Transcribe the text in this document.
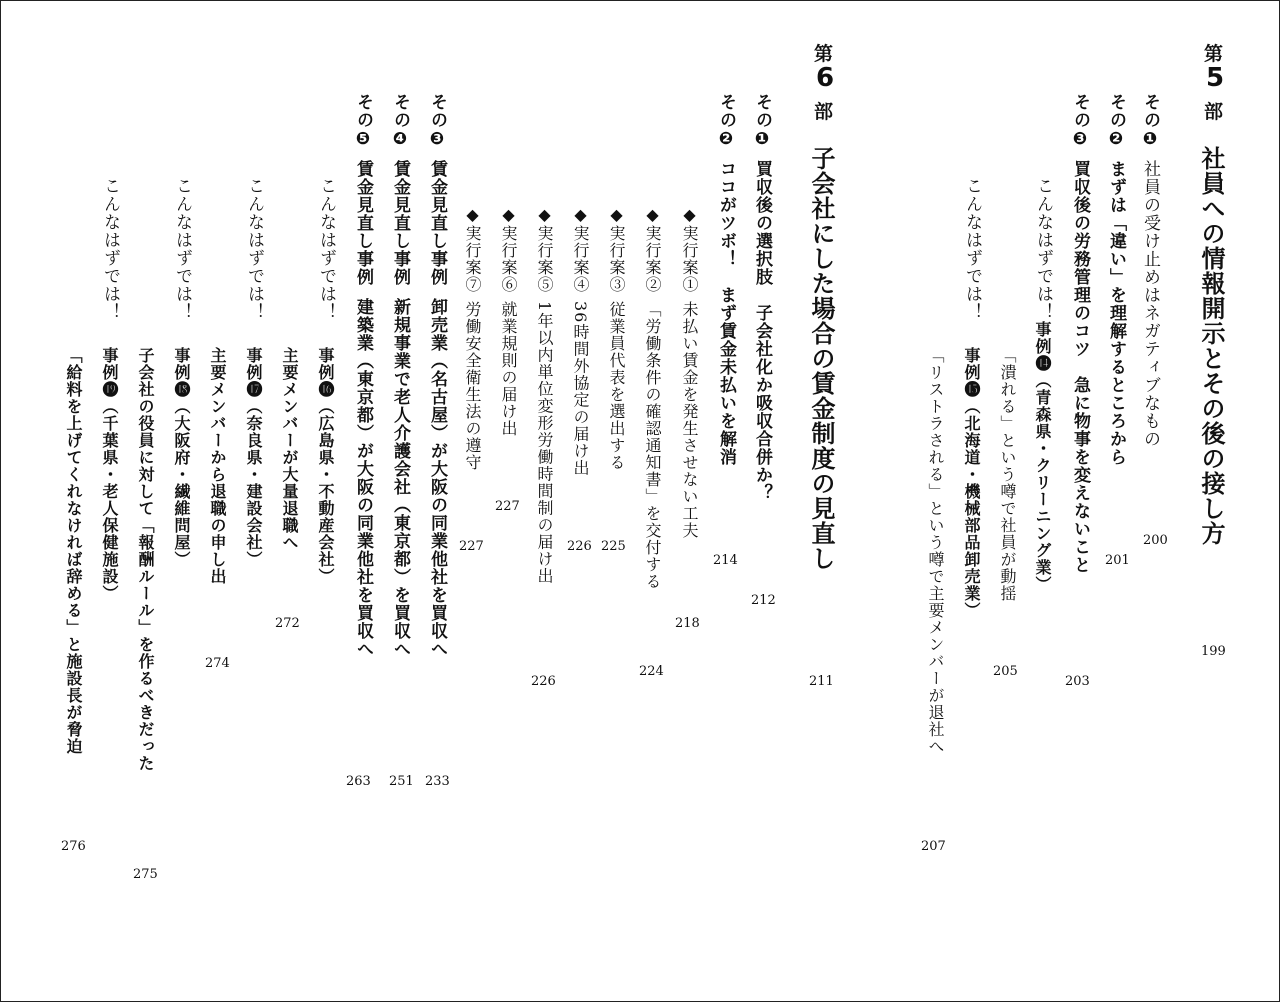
第
5
部
社員への情報開示とその後の接し方
199
その❶社員の受け止めはネガティブなもの
200
その❷まずは「違い」を理解するところから
201
その❸買収後の労務管理のコツ　急に物事を変えないこと
203
こんなはずでは！
事例⓮（青森県・クリーニング業）
「潰れる」という噂で社員が動揺
205
こんなはずでは！
事例⓯（北海道・機械部品卸売業）
「リストラされる」という噂で主要メンバーが退社へ
207
第
6
部
子会社にした場合の賃金制度の見直し
211
その❶買収後の選択肢　子会社化か吸収合併か？
212
その❷ココがツボ！　まず賃金未払いを解消
214
◆実行案①未払い賃金を発生させない工夫
218
◆実行案②「労働条件の確認通知書」を交付する
224
◆実行案③従業員代表を選出する
225
◆実行案④36時間外協定の届け出
226
◆実行案⑤1年以内単位変形労働時間制の届け出
226
◆実行案⑥就業規則の届け出
227
◆実行案⑦労働安全衛生法の遵守
227
その❸賃金見直し事例卸売業（名古屋）が大阪の同業他社を買収へ
233
その❹賃金見直し事例新規事業で老人介護会社（東京都）を買収へ
251
その❺賃金見直し事例建築業（東京都）が大阪の同業他社を買収へ
263
こんなはずでは！
事例⓰（広島県・不動産会社）
主要メンバーが大量退職へ
272
こんなはずでは！
事例⓱（奈良県・建設会社）
主要メンバーから退職の申し出
274
こんなはずでは！
事例⓲（大阪府・繊維問屋）
子会社の役員に対して「報酬ルール」を作るべきだった
275
こんなはずでは！
事例⓳（千葉県・老人保健施設）
「給料を上げてくれなければ辞める」と施設長が脅迫
276
